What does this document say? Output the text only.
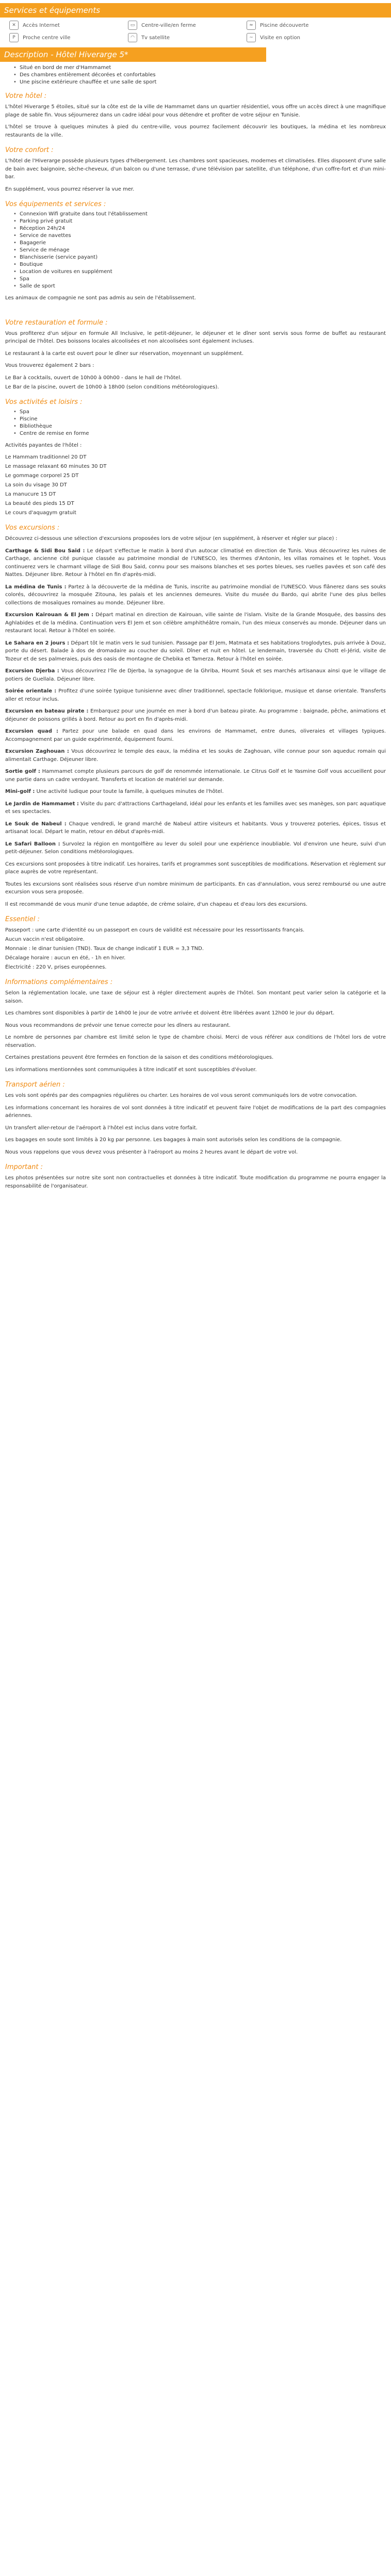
Services et équipements
✕	Accès Internet	▭	Centre-ville/en ferme	≈	Piscine découverte
P	Proche centre ville	◠	Tv satellite	~	Visite en option
Description - Hôtel Hiverarge 5*
• Situé en bord de mer d'Hammamet
• Des chambres entièrement décorées et confortables
• Une piscine extérieure chauffée et une salle de sport
Votre hôtel :

L'hôtel Hiverarge 5 étoiles, situé sur la côte est de la ville de Hammamet dans un quartier résidentiel, vous offre un accès direct à une magnifique plage de sable fin. Vous séjournerez dans un cadre idéal pour vous détendre et profiter de votre séjour en Tunisie.

L'hôtel se trouve à quelques minutes à pied du centre-ville, vous pourrez facilement découvrir les boutiques, la médina et les nombreux restaurants de la ville.

Votre confort :

L'hôtel de l'Hiverarge possède plusieurs types d'hébergement. Les chambres sont spacieuses, modernes et climatisées. Elles disposent d'une salle de bain avec baignoire, sèche-cheveux, d'un balcon ou d'une terrasse, d'une télévision par satellite, d'un téléphone, d'un coffre-fort et d'un mini-bar.

En supplément, vous pourrez réserver la vue mer.

Vos équipements et services :
• Connexion Wifi gratuite dans tout l'établissement
• Parking privé gratuit
• Réception 24h/24
• Service de navettes
• Bagagerie
• Service de ménage
• Blanchisserie (service payant)
• Boutique
• Location de voitures en supplément
• Spa
• Salle de sport

Les animaux de compagnie ne sont pas admis au sein de l'établissement.

Votre restauration et formule :

Vous profiterez d'un séjour en formule All Inclusive, le petit-déjeuner, le déjeuner et le dîner sont servis sous forme de buffet au restaurant principal de l'hôtel. Des boissons locales alcoolisées et non alcoolisées sont également incluses.

Le restaurant à la carte est ouvert pour le dîner sur réservation, moyennant un supplément.

Vous trouverez également 2 bars :

Le Bar à cocktails, ouvert de 10h00 à 00h00 - dans le hall de l'hôtel.
Le Bar de la piscine, ouvert de 10h00 à 18h00 (selon conditions météorologiques).
Vos activités et loisirs :
• Spa
• Piscine
• Bibliothèque
• Centre de remise en forme

Activités payantes de l'hôtel :

Le Hammam traditionnel 20 DT
Le massage relaxant 60 minutes 30 DT
Le gommage corporel 25 DT
La soin du visage 30 DT
La manucure 15 DT
La beauté des pieds 15 DT
Le cours d'aquagym gratuit
Vos excursions :

Découvrez ci-dessous une sélection d'excursions proposées lors de votre séjour (en supplément, à réserver et régler sur place) :

Carthage & Sidi Bou Said : Le départ s'effectue le matin à bord d'un autocar climatisé en direction de Tunis. Vous découvrirez les ruines de Carthage, ancienne cité punique classée au patrimoine mondial de l'UNESCO, les thermes d'Antonin, les villas romaines et le tophet. Vous continuerez vers le charmant village de Sidi Bou Said, connu pour ses maisons blanches et ses portes bleues, ses ruelles pavées et son café des Nattes. Déjeuner libre. Retour à l'hôtel en fin d'après-midi.

La médina de Tunis : Partez à la découverte de la médina de Tunis, inscrite au patrimoine mondial de l'UNESCO. Vous flânerez dans ses souks colorés, découvrirez la mosquée Zitouna, les palais et les anciennes demeures. Visite du musée du Bardo, qui abrite l'une des plus belles collections de mosaïques romaines au monde. Déjeuner libre.

Excursion Kairouan & El Jem : Départ matinal en direction de Kairouan, ville sainte de l'islam. Visite de la Grande Mosquée, des bassins des Aghlabides et de la médina. Continuation vers El Jem et son célèbre amphithéâtre romain, l'un des mieux conservés au monde. Déjeuner dans un restaurant local. Retour à l'hôtel en soirée.

Le Sahara en 2 jours : Départ tôt le matin vers le sud tunisien. Passage par El Jem, Matmata et ses habitations troglodytes, puis arrivée à Douz, porte du désert. Balade à dos de dromadaire au coucher du soleil. Dîner et nuit en hôtel. Le lendemain, traversée du Chott el-Jérid, visite de Tozeur et de ses palmeraies, puis des oasis de montagne de Chebika et Tamerza. Retour à l'hôtel en soirée.

Excursion Djerba : Vous découvrirez l'île de Djerba, la synagogue de la Ghriba, Houmt Souk et ses marchés artisanaux ainsi que le village de potiers de Guellala. Déjeuner libre.

Soirée orientale : Profitez d'une soirée typique tunisienne avec dîner traditionnel, spectacle folklorique, musique et danse orientale. Transferts aller et retour inclus.

Excursion en bateau pirate : Embarquez pour une journée en mer à bord d'un bateau pirate. Au programme : baignade, pêche, animations et déjeuner de poissons grillés à bord. Retour au port en fin d'après-midi.

Excursion quad : Partez pour une balade en quad dans les environs de Hammamet, entre dunes, oliveraies et villages typiques. Accompagnement par un guide expérimenté, équipement fourni.

Excursion Zaghouan : Vous découvrirez le temple des eaux, la médina et les souks de Zaghouan, ville connue pour son aqueduc romain qui alimentait Carthage. Déjeuner libre.

Sortie golf : Hammamet compte plusieurs parcours de golf de renommée internationale. Le Citrus Golf et le Yasmine Golf vous accueillent pour une partie dans un cadre verdoyant. Transferts et location de matériel sur demande.

Mini-golf : Une activité ludique pour toute la famille, à quelques minutes de l'hôtel.

Le Jardin de Hammamet : Visite du parc d'attractions Carthageland, idéal pour les enfants et les familles avec ses manèges, son parc aquatique et ses spectacles.

Le Souk de Nabeul : Chaque vendredi, le grand marché de Nabeul attire visiteurs et habitants. Vous y trouverez poteries, épices, tissus et artisanat local. Départ le matin, retour en début d'après-midi.

Le Safari Balloon : Survolez la région en montgolfière au lever du soleil pour une expérience inoubliable. Vol d'environ une heure, suivi d'un petit-déjeuner. Selon conditions météorologiques.

Ces excursions sont proposées à titre indicatif. Les horaires, tarifs et programmes sont susceptibles de modifications. Réservation et règlement sur place auprès de votre représentant.

Toutes les excursions sont réalisées sous réserve d'un nombre minimum de participants. En cas d'annulation, vous serez remboursé ou une autre excursion vous sera proposée.

Il est recommandé de vous munir d'une tenue adaptée, de crème solaire, d'un chapeau et d'eau lors des excursions.

Essentiel :
Passeport : une carte d'identité ou un passeport en cours de validité est nécessaire pour les ressortissants français.
Aucun vaccin n'est obligatoire.
Monnaie : le dinar tunisien (TND). Taux de change indicatif 1 EUR = 3,3 TND.
Décalage horaire : aucun en été, - 1h en hiver.
Électricité : 220 V, prises européennes.
Informations complémentaires :

Selon la réglementation locale, une taxe de séjour est à régler directement auprès de l'hôtel. Son montant peut varier selon la catégorie et la saison.

Les chambres sont disponibles à partir de 14h00 le jour de votre arrivée et doivent être libérées avant 12h00 le jour du départ.

Nous vous recommandons de prévoir une tenue correcte pour les dîners au restaurant.

Le nombre de personnes par chambre est limité selon le type de chambre choisi. Merci de vous référer aux conditions de l'hôtel lors de votre réservation.

Certaines prestations peuvent être fermées en fonction de la saison et des conditions météorologiques.

Les informations mentionnées sont communiquées à titre indicatif et sont susceptibles d'évoluer.

Transport aérien :

Les vols sont opérés par des compagnies régulières ou charter. Les horaires de vol vous seront communiqués lors de votre convocation.

Les informations concernant les horaires de vol sont données à titre indicatif et peuvent faire l'objet de modifications de la part des compagnies aériennes.

Un transfert aller-retour de l'aéroport à l'hôtel est inclus dans votre forfait.

Les bagages en soute sont limités à 20 kg par personne. Les bagages à main sont autorisés selon les conditions de la compagnie.

Nous vous rappelons que vous devez vous présenter à l'aéroport au moins 2 heures avant le départ de votre vol.

Important :

Les photos présentées sur notre site sont non contractuelles et données à titre indicatif. Toute modification du programme ne pourra engager la responsabilité de l'organisateur.
